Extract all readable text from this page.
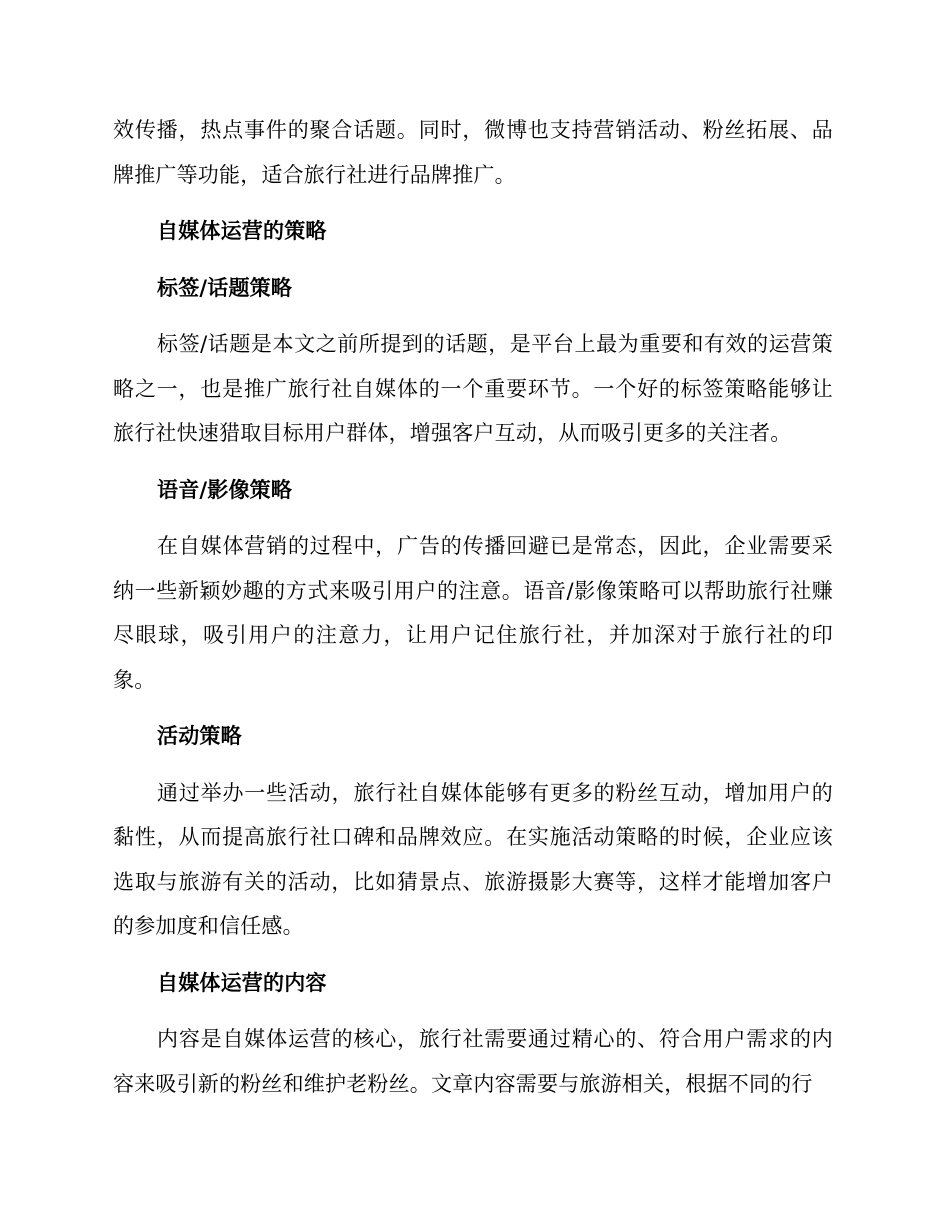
效传播，热点事件的聚合话题。同时，微博也支持营销活动、粉丝拓展、品牌推广等功能，适合旅行社进行品牌推广。

自媒体运营的策略

标签/话题策略

标签/话题是本文之前所提到的话题，是平台上最为重要和有效的运营策略之一，也是推广旅行社自媒体的一个重要环节。一个好的标签策略能够让旅行社快速猎取目标用户群体，增强客户互动，从而吸引更多的关注者。

语音/影像策略

在自媒体营销的过程中，广告的传播回避已是常态，因此，企业需要采纳一些新颖妙趣的方式来吸引用户的注意。语音/影像策略可以帮助旅行社赚尽眼球，吸引用户的注意力，让用户记住旅行社，并加深对于旅行社的印象。

活动策略

通过举办一些活动，旅行社自媒体能够有更多的粉丝互动，增加用户的黏性，从而提高旅行社口碑和品牌效应。在实施活动策略的时候，企业应该选取与旅游有关的活动，比如猜景点、旅游摄影大赛等，这样才能增加客户的参加度和信任感。

自媒体运营的内容

内容是自媒体运营的核心，旅行社需要通过精心的、符合用户需求的内容来吸引新的粉丝和维护老粉丝。文章内容需要与旅游相关，根据不同的行
